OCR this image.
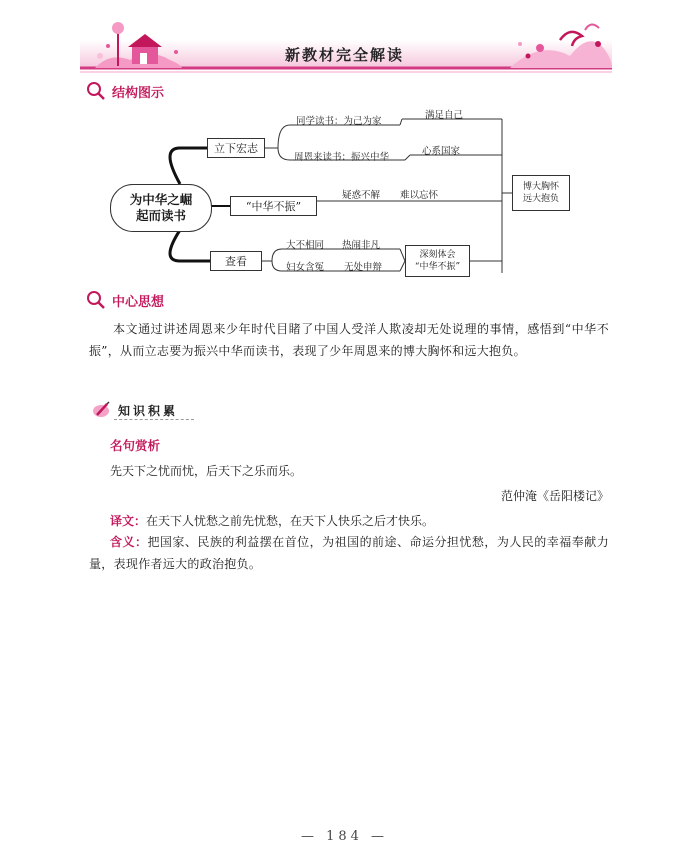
新教材完全解读
结构图示
为中华之崛
起而读书
立下宏志
同学读书：为己为家
满足自己
周恩来读书：振兴中华
心系国家
“中华不振”
疑惑不解 难以忘怀
查看
大不相同 热闹非凡
妇女含冤 无处申辩
深刻体会
“中华不振”
博大胸怀
远大抱负
中心思想
本文通过讲述周恩来少年时代目睹了中国人受洋人欺凌却无处说理的事情，感悟到“中华不振”，从而立志要为振兴中华而读书，表现了少年周恩来的博大胸怀和远大抱负。
知识积累
名句赏析
先天下之忧而忧，后天下之乐而乐。
范仲淹《岳阳楼记》
译文：在天下人忧愁之前先忧愁，在天下人快乐之后才快乐。
含义：把国家、民族的利益摆在首位，为祖国的前途、命运分担忧愁，为人民的幸福奉献力量，表现作者远大的政治抱负。
— 184 —
